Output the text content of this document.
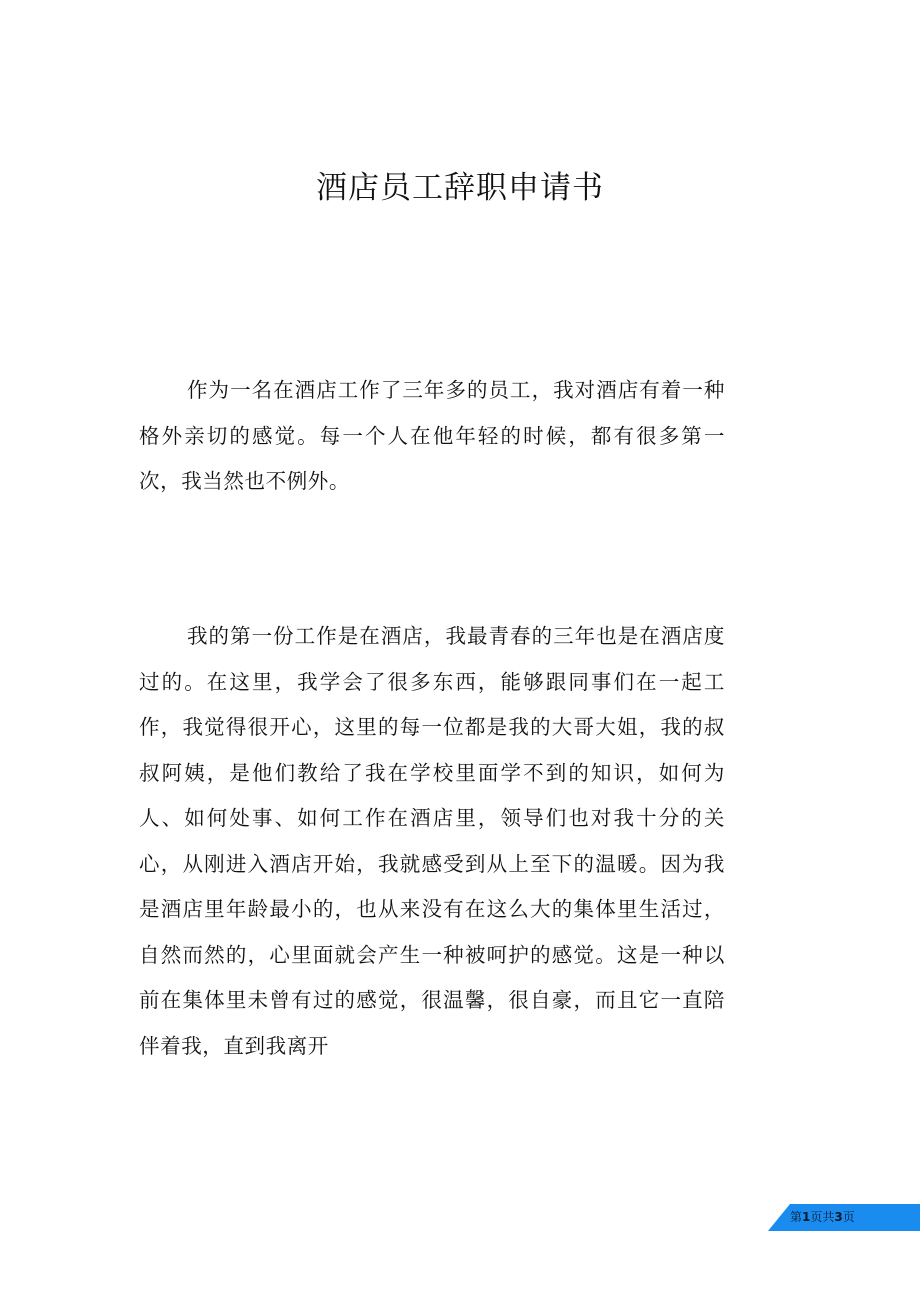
酒店员工辞职申请书

作为一名在酒店工作了三年多的员工，我对酒店有着一种格外亲切的感觉。每一个人在他年轻的时候，都有很多第一次，我当然也不例外。

我的第一份工作是在酒店，我最青春的三年也是在酒店度过的。在这里，我学会了很多东西，能够跟同事们在一起工作，我觉得很开心，这里的每一位都是我的大哥大姐，我的叔叔阿姨，是他们教给了我在学校里面学不到的知识，如何为人、如何处事、如何工作在酒店里，领导们也对我十分的关心，从刚进入酒店开始，我就感受到从上至下的温暖。因为我是酒店里年龄最小的，也从来没有在这么大的集体里生活过，自然而然的，心里面就会产生一种被呵护的感觉。这是一种以前在集体里未曾有过的感觉，很温馨，很自豪，而且它一直陪伴着我，直到我离开

第1页共3页
